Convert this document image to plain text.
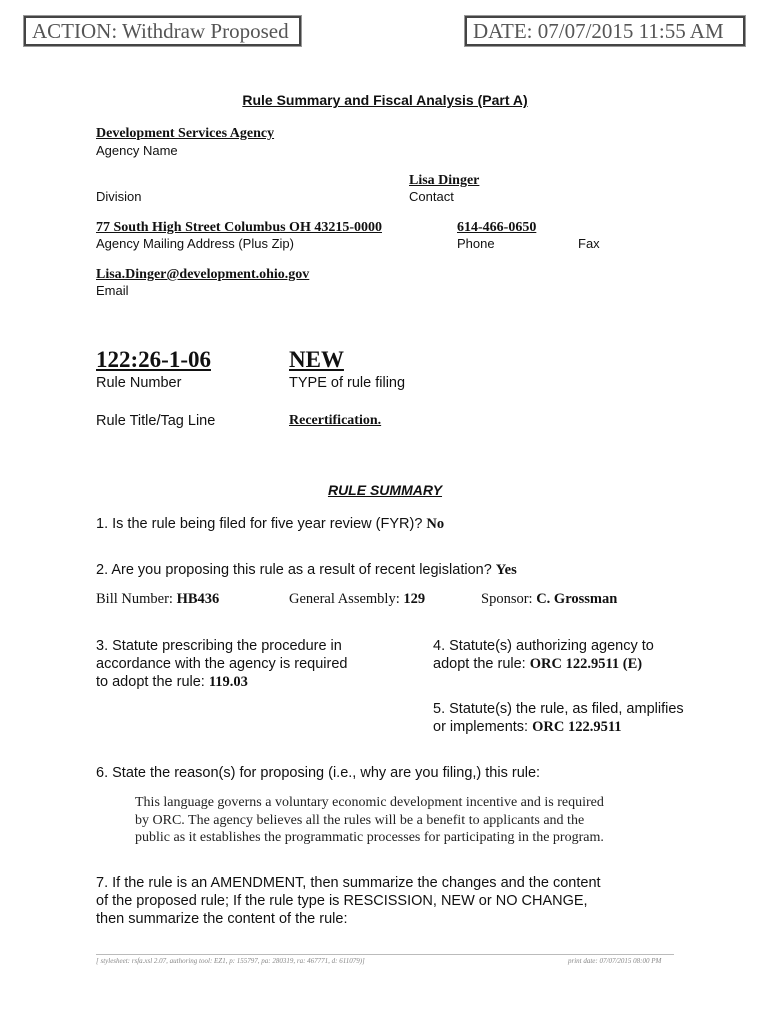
ACTION: Withdraw Proposed	DATE: 07/07/2015 11:55 AM
Rule Summary and Fiscal Analysis (Part A)
Development Services Agency
Agency Name
Lisa Dinger
Division	Contact
77 South High Street Columbus OH 43215-0000	614-466-0650
Agency Mailing Address (Plus Zip)	Phone	Fax
Lisa.Dinger@development.ohio.gov
Email
122:26-1-06	NEW
Rule Number	TYPE of rule filing
Rule Title/Tag Line	Recertification.
RULE SUMMARY
1. Is the rule being filed for five year review (FYR)? No
2. Are you proposing this rule as a result of recent legislation? Yes
Bill Number: HB436	General Assembly: 129	Sponsor: C. Grossman
3. Statute prescribing the procedure in
accordance with the agency is required
to adopt the rule: 119.03
4. Statute(s) authorizing agency to
adopt the rule: ORC 122.9511 (E)
5. Statute(s) the rule, as filed, amplifies
or implements: ORC 122.9511
6. State the reason(s) for proposing (i.e., why are you filing,) this rule:
This language governs a voluntary economic development incentive and is required
by ORC. The agency believes all the rules will be a benefit to applicants and the
public as it establishes the programmatic processes for participating in the program.
7. If the rule is an AMENDMENT, then summarize the changes and the content
of the proposed rule; If the rule type is RESCISSION, NEW or NO CHANGE,
then summarize the content of the rule:
[ stylesheet: rsfa.xsl 2.07, authoring tool: EZ1, p: 155797, pa: 280319, ra: 467771, d: 611079)]	print date: 07/07/2015 08:00 PM
